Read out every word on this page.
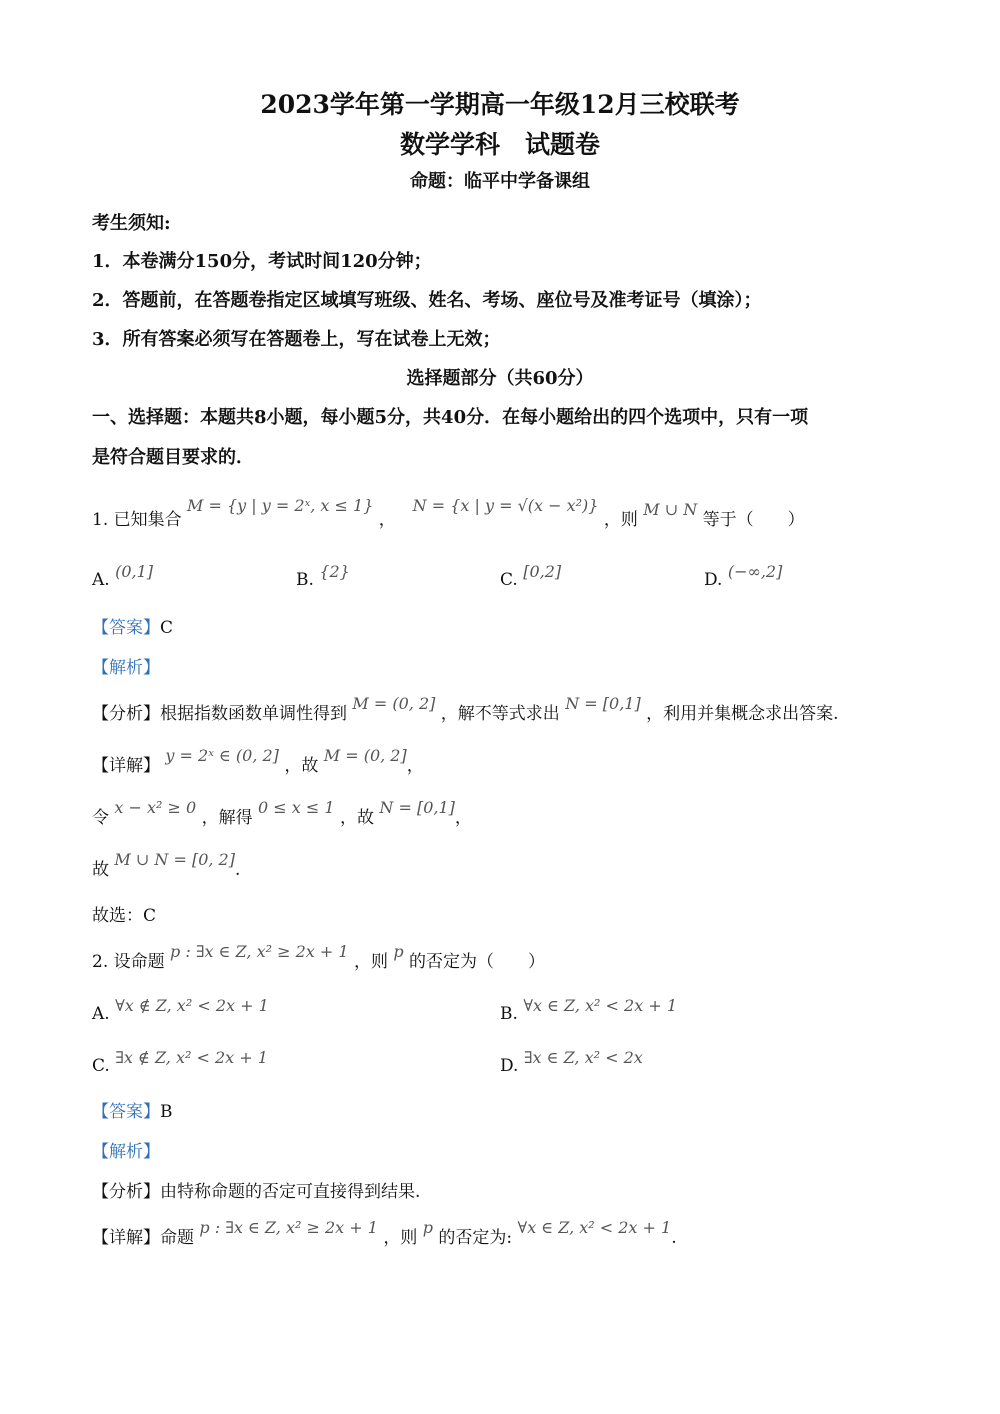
2023学年第一学期高一年级12月三校联考
数学学科　试题卷
命题：临平中学备课组
考生须知:
1．本卷满分150分，考试时间120分钟；
2．答题前，在答题卷指定区域填写班级、姓名、考场、座位号及准考证号（填涂）；
3．所有答案必须写在答题卷上，写在试卷上无效；
选择题部分（共60分）
一、选择题：本题共8小题，每小题5分，共40分．在每小题给出的四个选项中，只有一项
是符合题目要求的．
1. 已知集合 M = {y | y = 2ˣ, x ≤ 1} ，  N = {x | y = √(x − x²)} ，则 M ∪ N 等于（　　）
A. (0,1]	B. {2}	C. [0,2]	D. (−∞,2]
【答案】C
【解析】
【分析】根据指数函数单调性得到 M = (0, 2] ，解不等式求出 N = [0,1] ，利用并集概念求出答案.
【详解】 y = 2ˣ ∈ (0, 2] ，故 M = (0, 2]，
令 x − x² ≥ 0 ，解得 0 ≤ x ≤ 1 ，故 N = [0,1]，
故 M ∪ N = [0, 2].
故选：C
2. 设命题 p : ∃x ∈ Z, x² ≥ 2x + 1 ，则 p 的否定为（　　）
A. ∀x ∉ Z, x² < 2x + 1	B. ∀x ∈ Z, x² < 2x + 1
C. ∃x ∉ Z, x² < 2x + 1	D. ∃x ∈ Z, x² < 2x
【答案】B
【解析】
【分析】由特称命题的否定可直接得到结果.
【详解】命题 p : ∃x ∈ Z, x² ≥ 2x + 1 ，则 p 的否定为: ∀x ∈ Z, x² < 2x + 1.
